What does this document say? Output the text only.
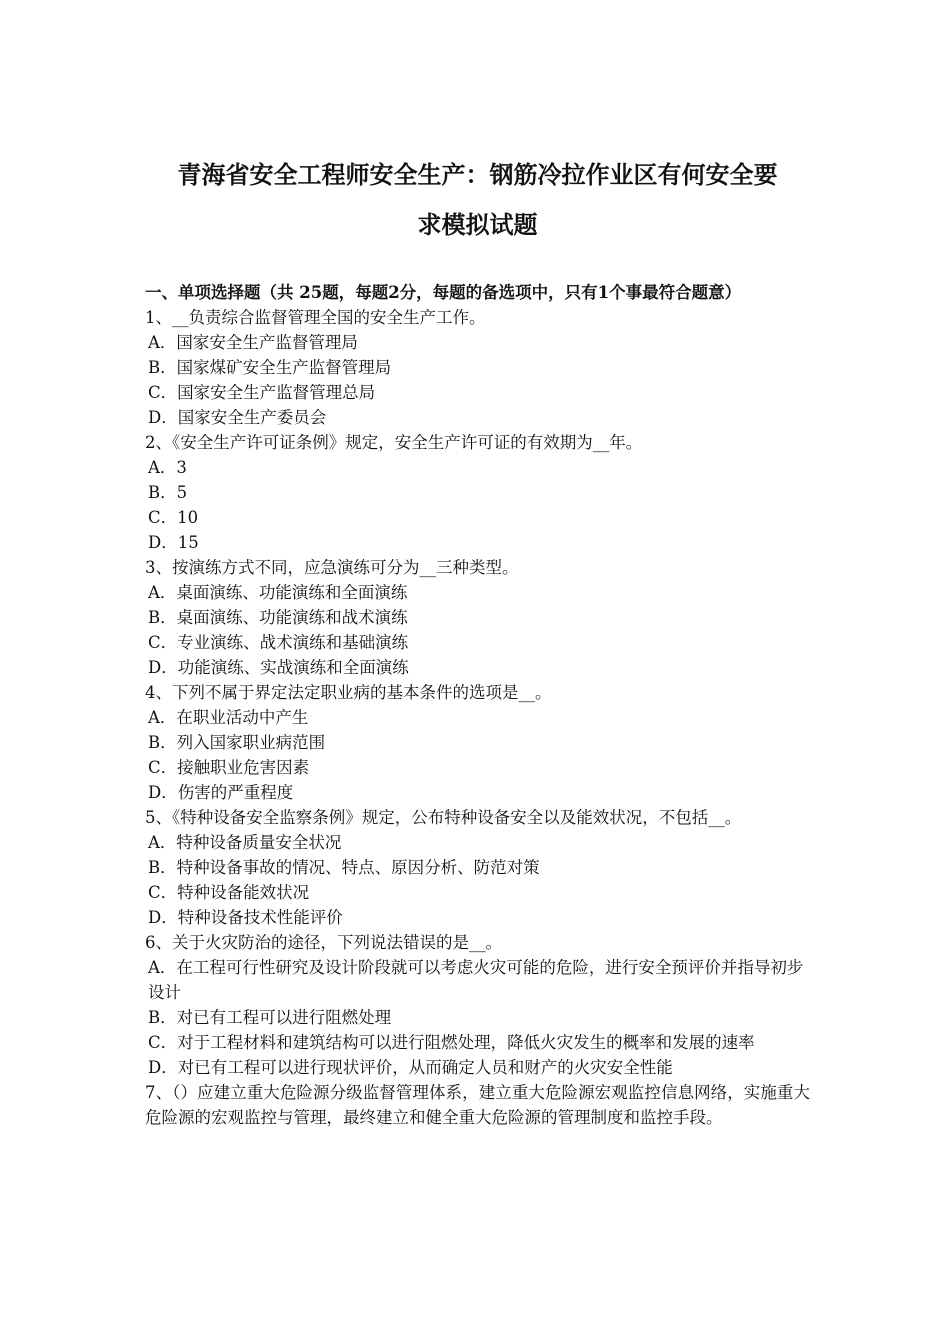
青海省安全工程师安全生产：钢筋冷拉作业区有何安全要
求模拟试题
一、单项选择题（共 25题，每题2分，每题的备选项中，只有1个事最符合题意）

1、__负责综合监督管理全国的安全生产工作。

A．国家安全生产监督管理局

B．国家煤矿安全生产监督管理局

C．国家安全生产监督管理总局

D．国家安全生产委员会

2、《安全生产许可证条例》规定，安全生产许可证的有效期为__年。

A．3

B．5

C．10

D．15

3、按演练方式不同，应急演练可分为__三种类型。

A．桌面演练、功能演练和全面演练

B．桌面演练、功能演练和战术演练

C．专业演练、战术演练和基础演练

D．功能演练、实战演练和全面演练

4、下列不属于界定法定职业病的基本条件的选项是__。

A．在职业活动中产生

B．列入国家职业病范围

C．接触职业危害因素

D．伤害的严重程度

5、《特种设备安全监察条例》规定，公布特种设备安全以及能效状况，不包括__。

A．特种设备质量安全状况

B．特种设备事故的情况、特点、原因分析、防范对策

C．特种设备能效状况

D．特种设备技术性能评价

6、关于火灾防治的途径，下列说法错误的是__。

A．在工程可行性研究及设计阶段就可以考虑火灾可能的危险，进行安全预评价并指导初步设计

B．对已有工程可以进行阻燃处理

C．对于工程材料和建筑结构可以进行阻燃处理，降低火灾发生的概率和发展的速率

D．对已有工程可以进行现状评价，从而确定人员和财产的火灾安全性能

7、（）应建立重大危险源分级监督管理体系，建立重大危险源宏观监控信息网络，实施重大危险源的宏观监控与管理，最终建立和健全重大危险源的管理制度和监控手段。
